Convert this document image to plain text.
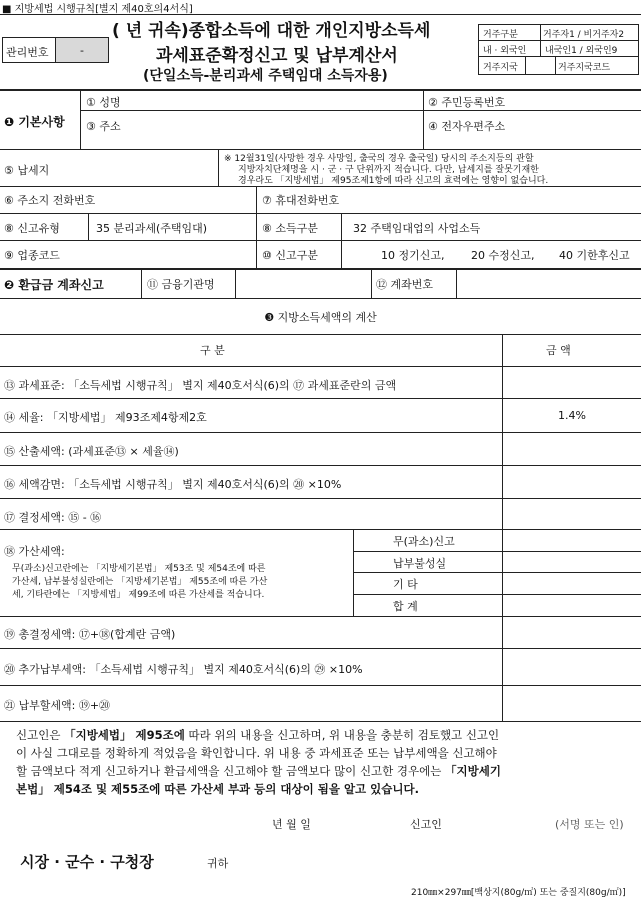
■ 지방세법 시행규칙[별지 제40호의4서식]
관리번호	-
( 년 귀속)종합소득에 대한 개인지방소득세
과세표준확정신고 및 납부계산서
(단일소득-분리과세 주택임대 소득자용)
거주구분	거주자1 / 비거주자2
내 · 외국인 내국인1 / 외국인9
거주지국	거주지국코드
❶ 기본사항
① 성명	② 주민등록번호
③ 주소	④ 전자우편주소
⑤ 납세지
※ 12월31일(사망한 경우 사망일, 출국의 경우 출국일) 당시의 주소지등의 관할
지방자치단체명을 시 · 군 · 구 단위까지 적습니다. 다만, 납세지를 잘못기재한
경우라도 「지방세법」 제95조제1항에 따라 신고의 효력에는 영향이 없습니다.
⑥ 주소지 전화번호	⑦ 휴대전화번호
⑧ 신고유형	35 분리과세(주택임대)	⑧ 소득구분	32 주택임대업의 사업소득
⑨ 업종코드	⑩ 신고구분	10 정기신고, 20 수정신고, 40 기한후신고
❷ 환급금 계좌신고	⑪ 금융기관명	⑫ 계좌번호
❸ 지방소득세액의 계산
구 분	금 액
⑬ 과세표준: 「소득세법 시행규칙」 별지 제40호서식(6)의 ⑰ 과세표준란의 금액
⑭ 세율: 「지방세법」 제93조제4항제2호	1.4%
⑮ 산출세액: (과세표준⑬ × 세율⑭)
⑯ 세액감면: 「소득세법 시행규칙」 별지 제40호서식(6)의 ⑳ ×10%
⑰ 결정세액: ⑮ - ⑯
⑱ 가산세액:
무(과소)신고란에는 「지방세기본법」 제53조 및 제54조에 따른
가산세, 납부불성실란에는 「지방세기본법」 제55조에 따른 가산
세, 기타란에는 「지방세법」 제99조에 따른 가산세를 적습니다.
무(과소)신고
납부불성실
기 타
합 계
⑲ 총결정세액: ⑰+⑱(합계란 금액)
⑳ 추가납부세액: 「소득세법 시행규칙」 별지 제40호서식(6)의 ㉙ ×10%
㉑ 납부할세액: ⑲+⑳
신고인은 「지방세법」 제95조에 따라 위의 내용을 신고하며, 위 내용을 충분히 검토했고 신고인
이 사실 그대로를 정확하게 적었음을 확인합니다. 위 내용 중 과세표준 또는 납부세액을 신고해야
할 금액보다 적게 신고하거나 환급세액을 신고해야 할 금액보다 많이 신고한 경우에는 「지방세기
본법」 제54조 및 제55조에 따른 가산세 부과 등의 대상이 됨을 알고 있습니다.
년 월 일	신고인	(서명 또는 인)
시장 · 군수 · 구청장	귀하
210㎜×297㎜[백상지(80g/㎡) 또는 중질지(80g/㎡)]
